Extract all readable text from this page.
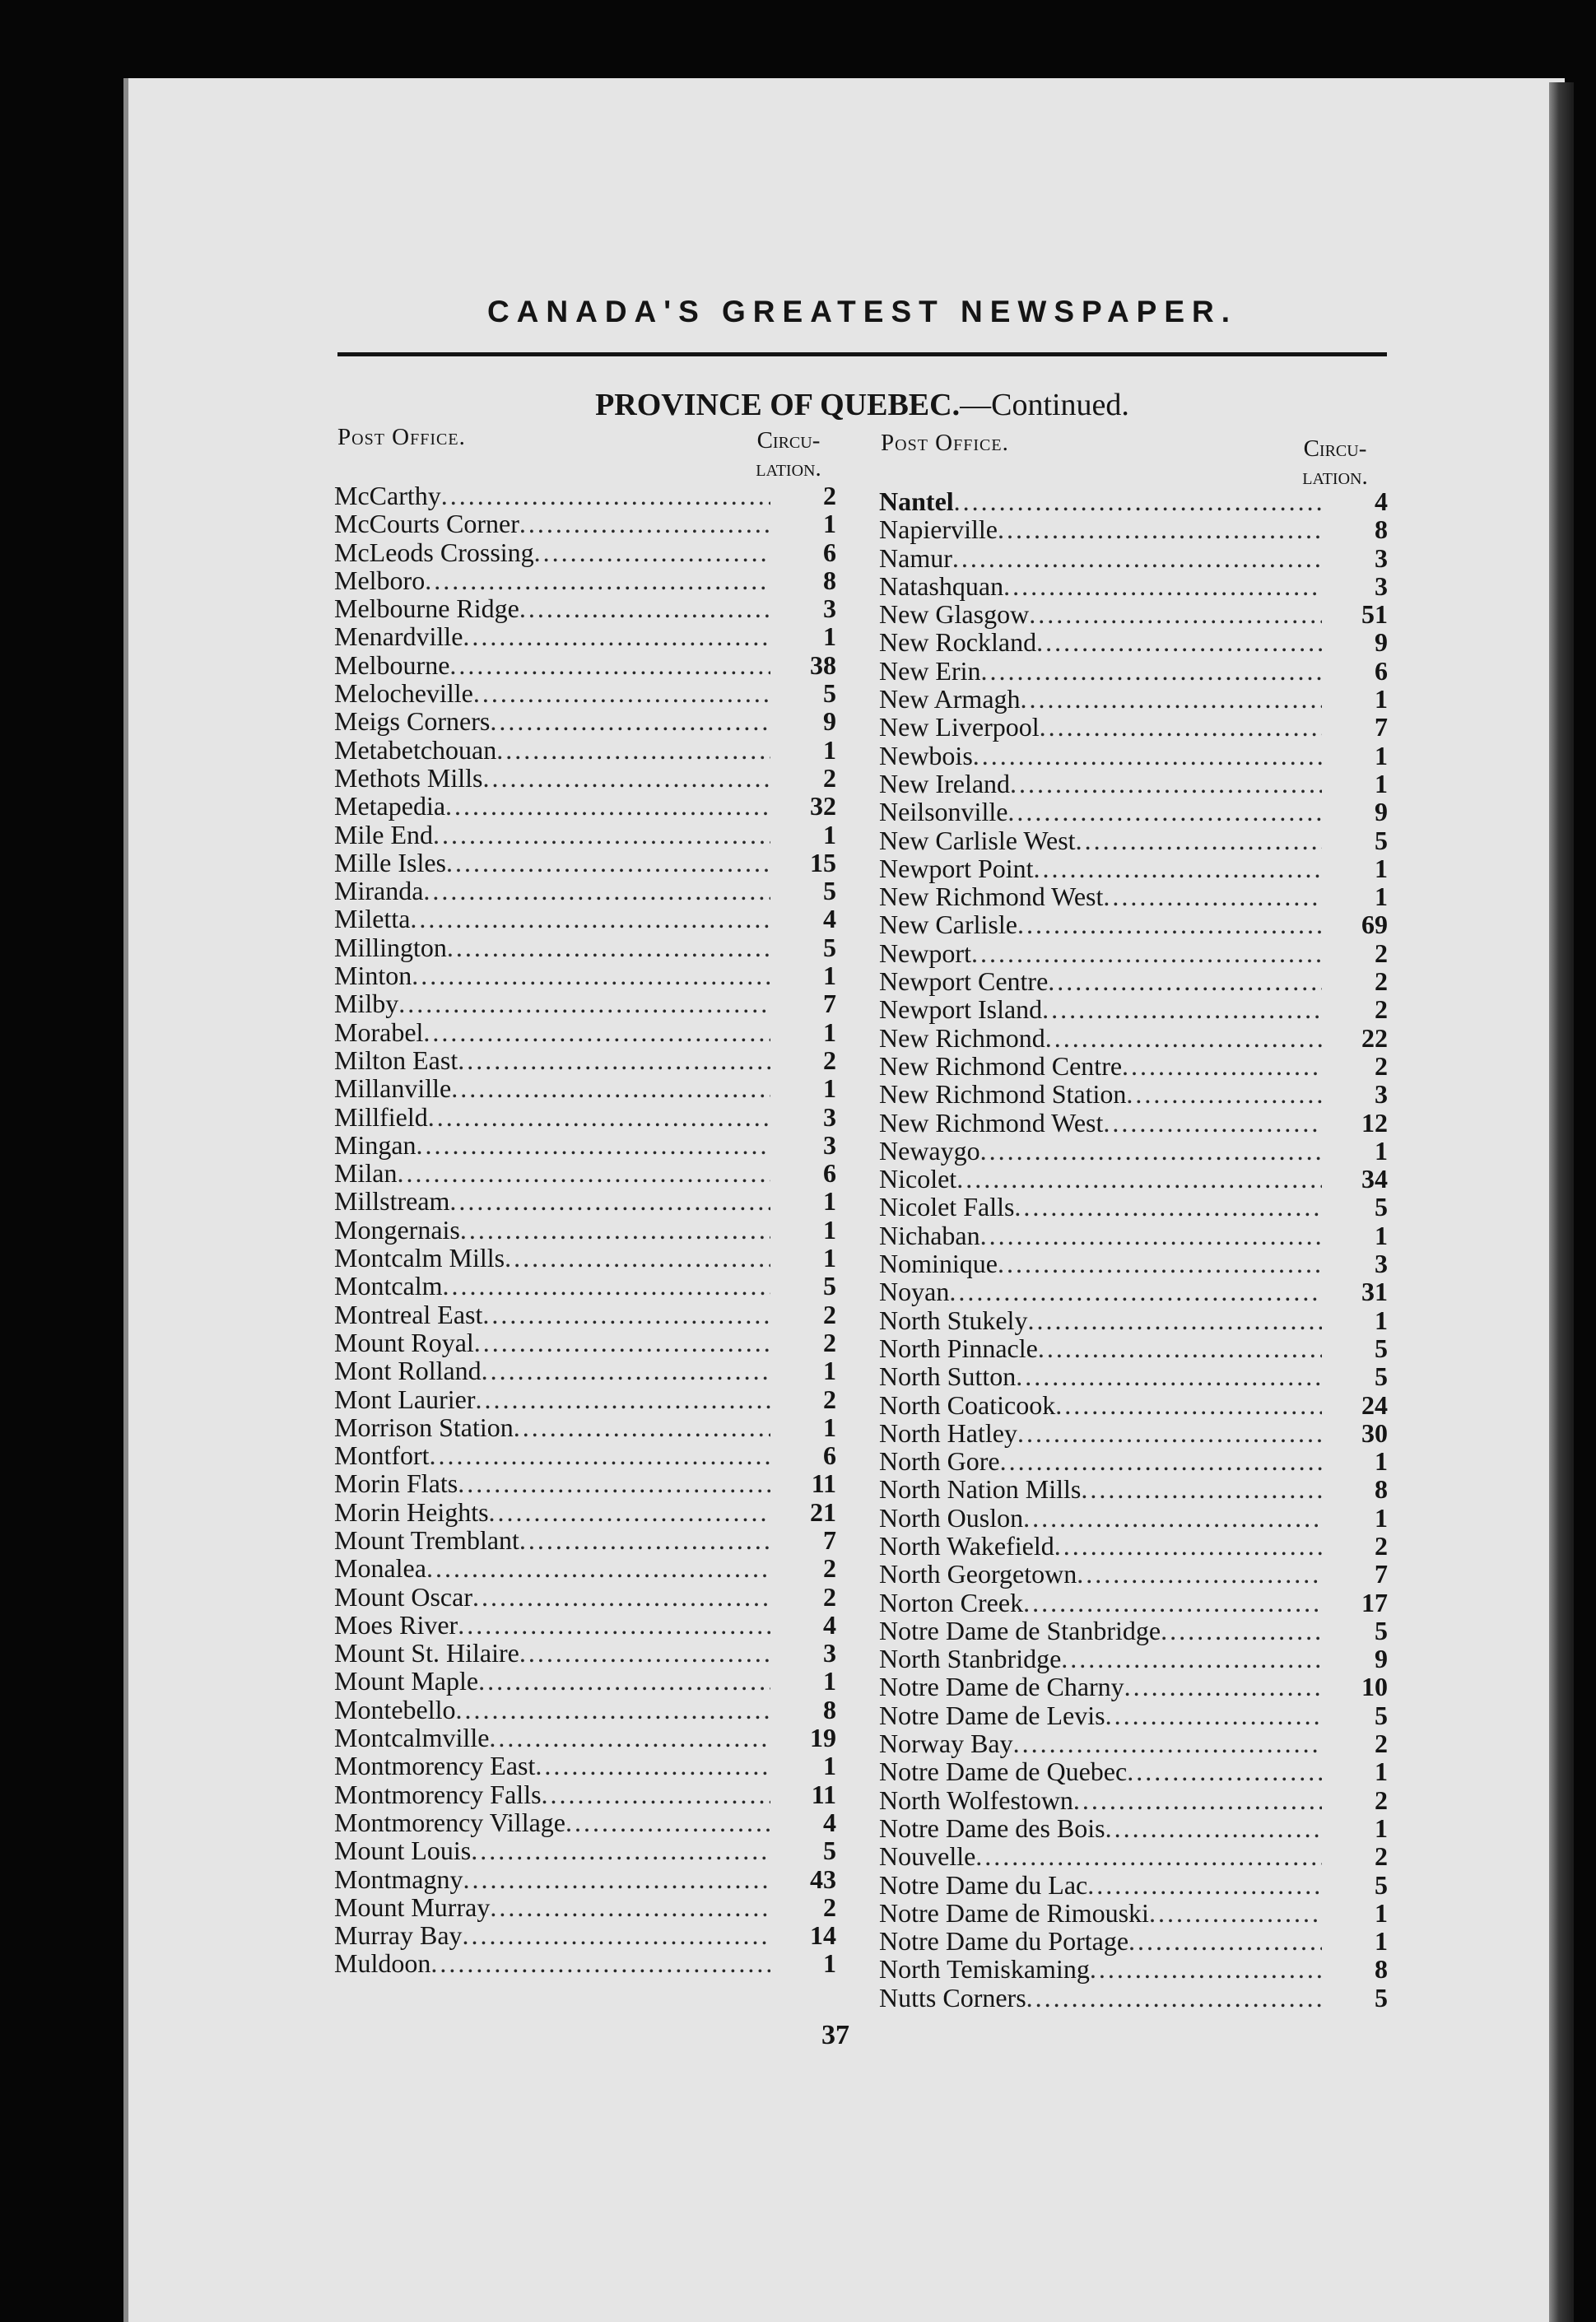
CANADA'S GREATEST NEWSPAPER.
PROVINCE OF QUEBEC.—Continued.
Post Office.	Circu-
lation.
Post Office.	Circu-
lation.
McCarthy .....	2
McCourts Corner .....	1
McLeods Crossing .....	6
Melboro .....	8
Melbourne Ridge .....	3
Menardville .....	1
Melbourne .....	38
Melocheville .....	5
Meigs Corners .....	9
Metabetchouan .....	1
Methots Mills .....	2
Metapedia .....	32
Mile End .....	1
Mille Isles .....	15
Miranda .....	5
Miletta .....	4
Millington .....	5
Minton .....	1
Milby .....	7
Morabel .....	1
Milton East .....	2
Millanville .....	1
Millfield .....	3
Mingan .....	3
Milan .....	6
Millstream .....	1
Mongernais .....	1
Montcalm Mills .....	1
Montcalm .....	5
Montreal East .....	2
Mount Royal .....	2
Mont Rolland .....	1
Mont Laurier .....	2
Morrison Station .....	1
Montfort .....	6
Morin Flats .....	11
Morin Heights .....	21
Mount Tremblant .....	7
Monalea .....	2
Mount Oscar .....	2
Moes River .....	4
Mount St. Hilaire .....	3
Mount Maple .....	1
Montebello .....	8
Montcalmville .....	19
Montmorency East .....	1
Montmorency Falls .....	11
Montmorency Village .....	4
Mount Louis .....	5
Montmagny .....	43
Mount Murray .....	2
Murray Bay .....	14
Muldoon .....	1
Nantel .....	4
Napierville .....	8
Namur .....	3
Natashquan .....	3
New Glasgow .....	51
New Rockland .....	9
New Erin .....	6
New Armagh .....	1
New Liverpool .....	7
Newbois .....	1
New Ireland .....	1
Neilsonville .....	9
New Carlisle West .....	5
Newport Point .....	1
New Richmond West .....	1
New Carlisle .....	69
Newport .....	2
Newport Centre .....	2
Newport Island .....	2
New Richmond .....	22
New Richmond Centre .....	2
New Richmond Station .....	3
New Richmond West .....	12
Newaygo .....	1
Nicolet .....	34
Nicolet Falls .....	5
Nichaban .....	1
Nominique .....	3
Noyan .....	31
North Stukely .....	1
North Pinnacle .....	5
North Sutton .....	5
North Coaticook .....	24
North Hatley .....	30
North Gore .....	1
North Nation Mills .....	8
North Ouslon .....	1
North Wakefield .....	2
North Georgetown .....	7
Norton Creek .....	17
Notre Dame de Stanbridge .....	5
North Stanbridge .....	9
Notre Dame de Charny .....	10
Notre Dame de Levis .....	5
Norway Bay .....	2
Notre Dame de Quebec .....	1
North Wolfestown .....	2
Notre Dame des Bois .....	1
Nouvelle .....	2
Notre Dame du Lac .....	5
Notre Dame de Rimouski .....	1
Notre Dame du Portage .....	1
North Temiskaming .....	8
Nutts Corners .....	5
37
